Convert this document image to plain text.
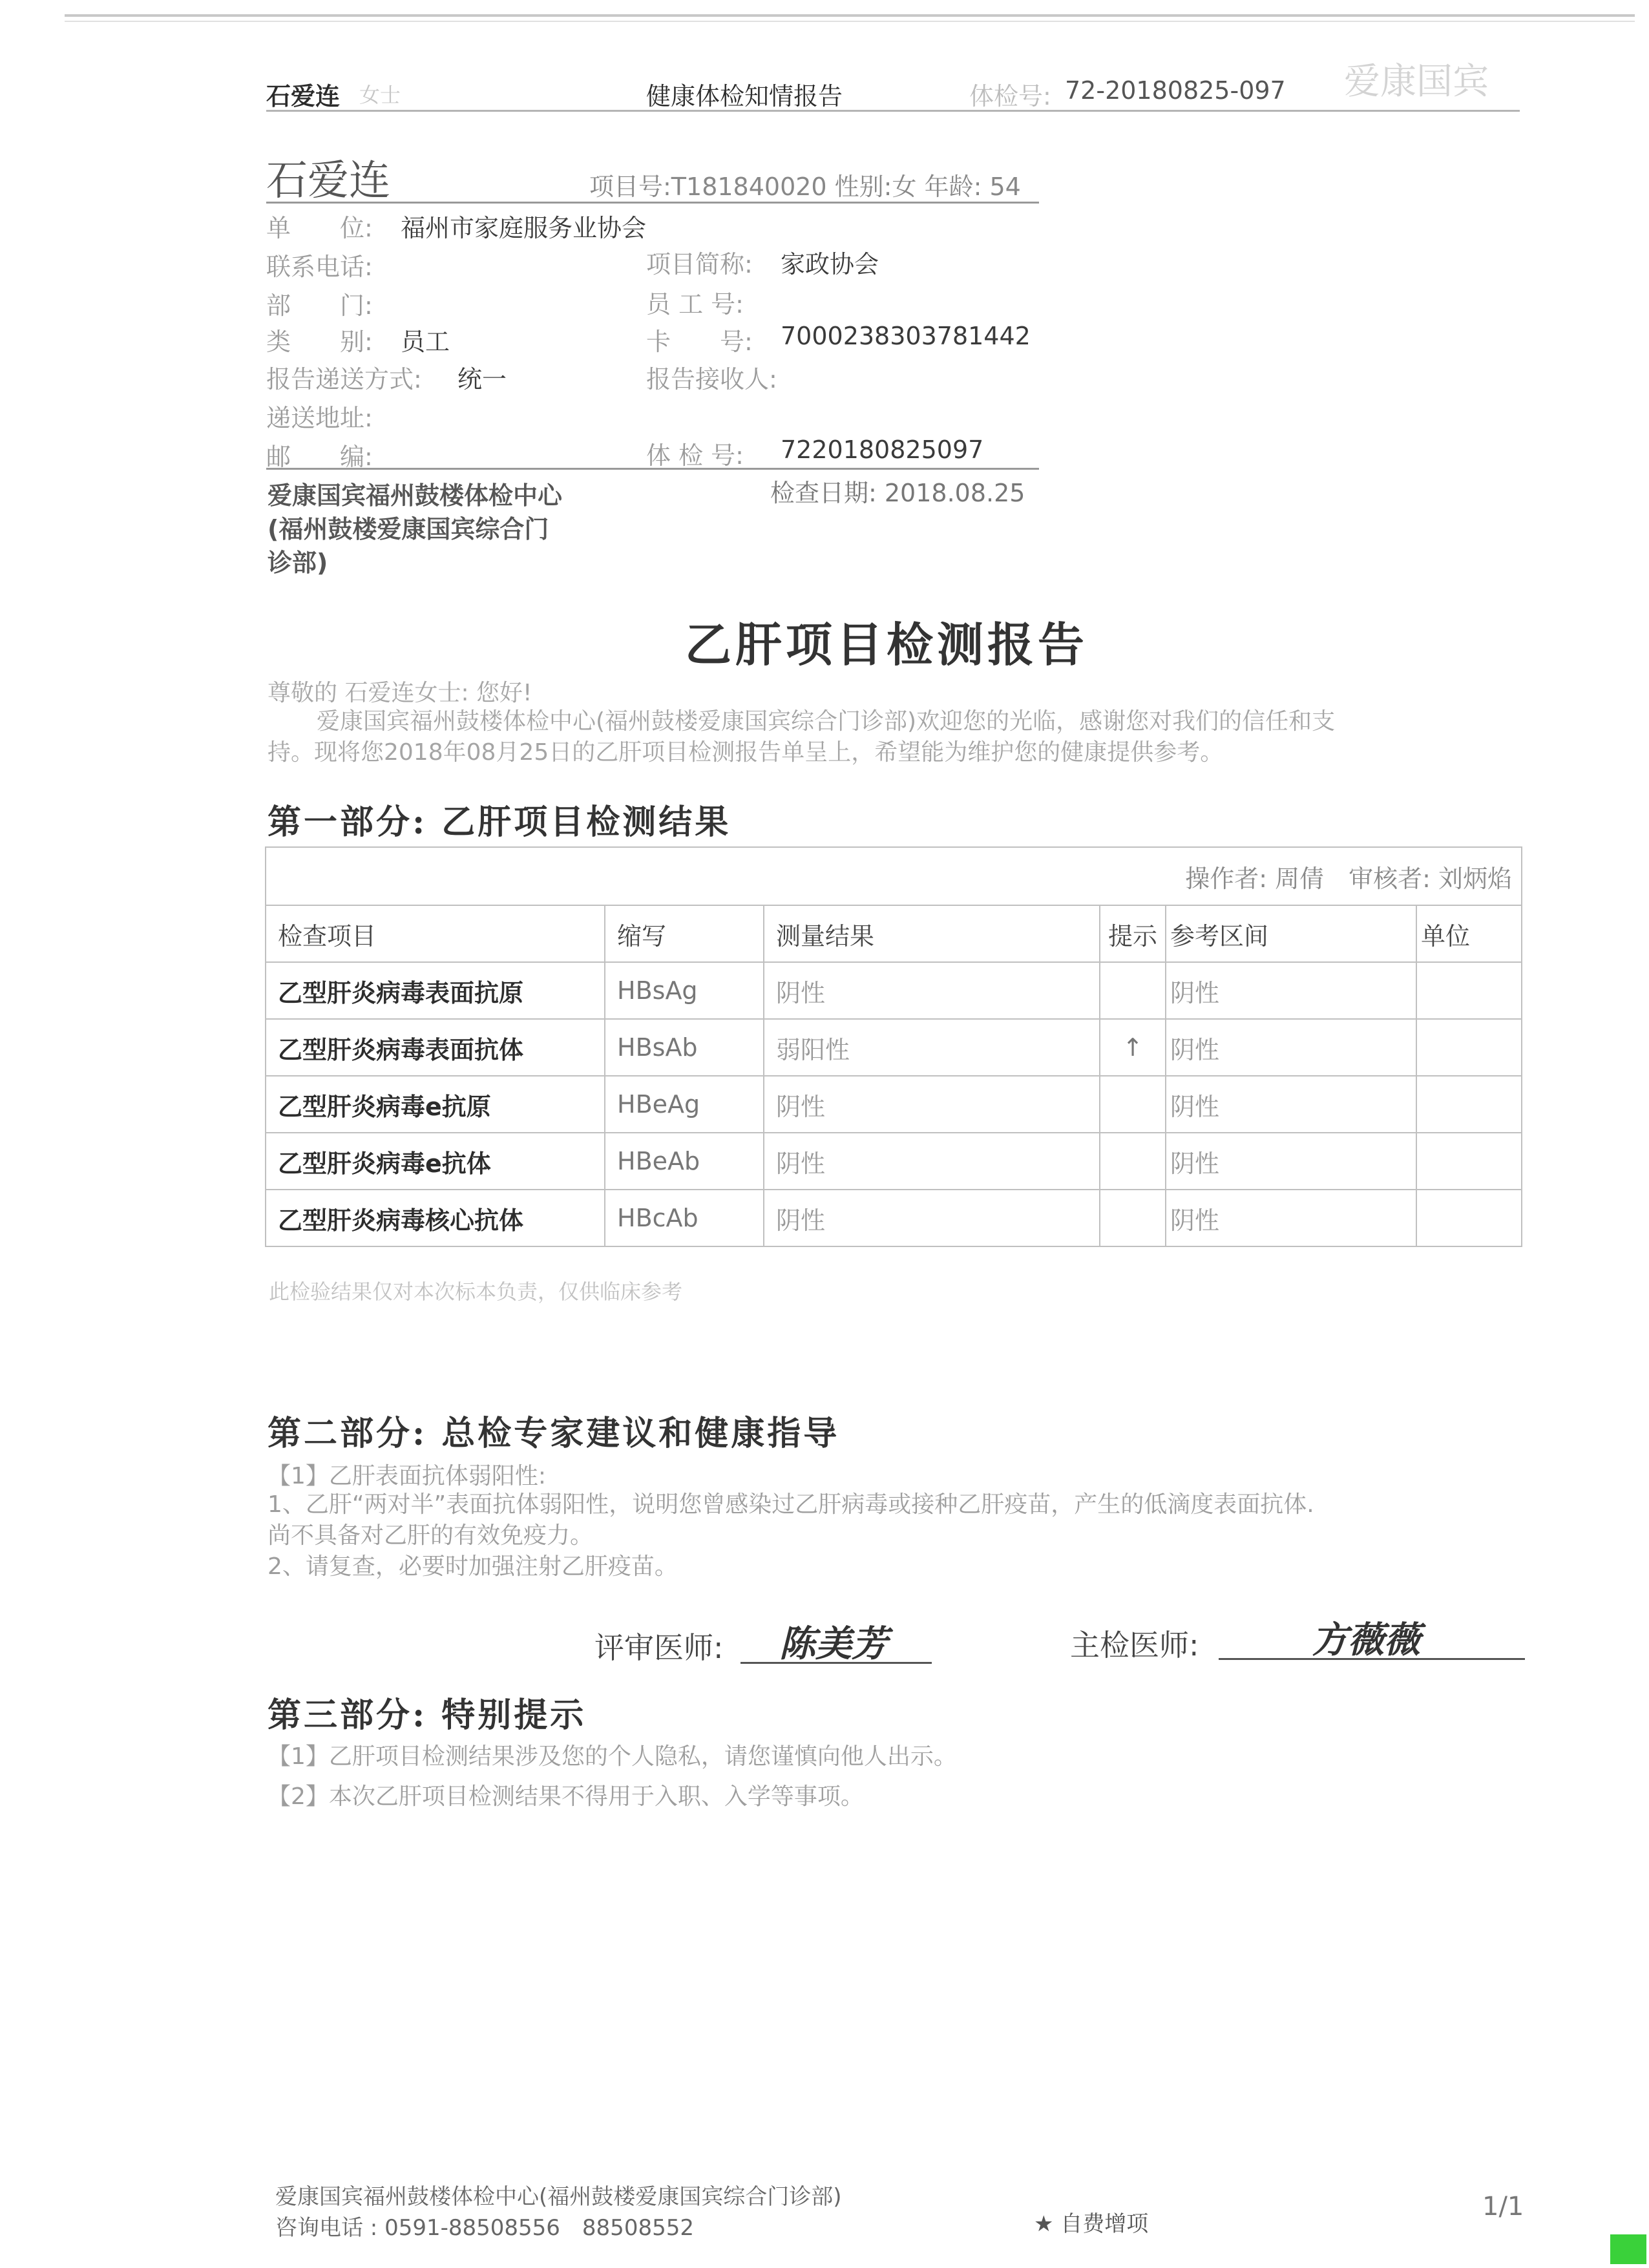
石爱连 女士	健康体检知情报告	体检号: 72-20180825-097 爱康国宾
石爱连	项目号:T181840020 性别:女 年龄: 54
单　　位: 福州市家庭服务业协会
联系电话:	项目简称: 家政协会
部　　门:	员 工 号:
类　　别: 员工	卡　　号: 7000238303781442
报告递送方式: 统一	报告接收人:
递送地址:
邮　　编:	体 检 号: 7220180825097
爱康国宾福州鼓楼体检中心
(福州鼓楼爱康国宾综合门
诊部)
检查日期: 2018.08.25
乙肝项目检测报告
尊敬的 石爱连女士: 您好!
爱康国宾福州鼓楼体检中心(福州鼓楼爱康国宾综合门诊部)欢迎您的光临，感谢您对我们的信任和支
持。现将您2018年08月25日的乙肝项目检测报告单呈上，希望能为维护您的健康提供参考。
第一部分: 乙肝项目检测结果
操作者: 周倩　审核者: 刘炳焰					
检查项目	缩写	测量结果	提示	参考区间	单位
乙型肝炎病毒表面抗原	HBsAg	阴性		阴性	
乙型肝炎病毒表面抗体	HBsAb	弱阳性	↑	阴性	
乙型肝炎病毒e抗原	HBeAg	阴性		阴性	
乙型肝炎病毒e抗体	HBeAb	阴性		阴性	
乙型肝炎病毒核心抗体	HBcAb	阴性		阴性	
此检验结果仅对本次标本负责，仅供临床参考
第二部分: 总检专家建议和健康指导
【1】乙肝表面抗体弱阳性:
1、乙肝“两对半”表面抗体弱阳性，说明您曾感染过乙肝病毒或接种乙肝疫苗，产生的低滴度表面抗体.
尚不具备对乙肝的有效免疫力。
2、请复查，必要时加强注射乙肝疫苗。
评审医师: 陈美芳	主检医师:	方薇薇
第三部分: 特别提示
【1】乙肝项目检测结果涉及您的个人隐私，请您谨慎向他人出示。
【2】本次乙肝项目检测结果不得用于入职、入学等事项。
爱康国宾福州鼓楼体检中心(福州鼓楼爱康国宾综合门诊部)
咨询电话 : 0591-88508556　88508552	★ 自费增项
1/1
